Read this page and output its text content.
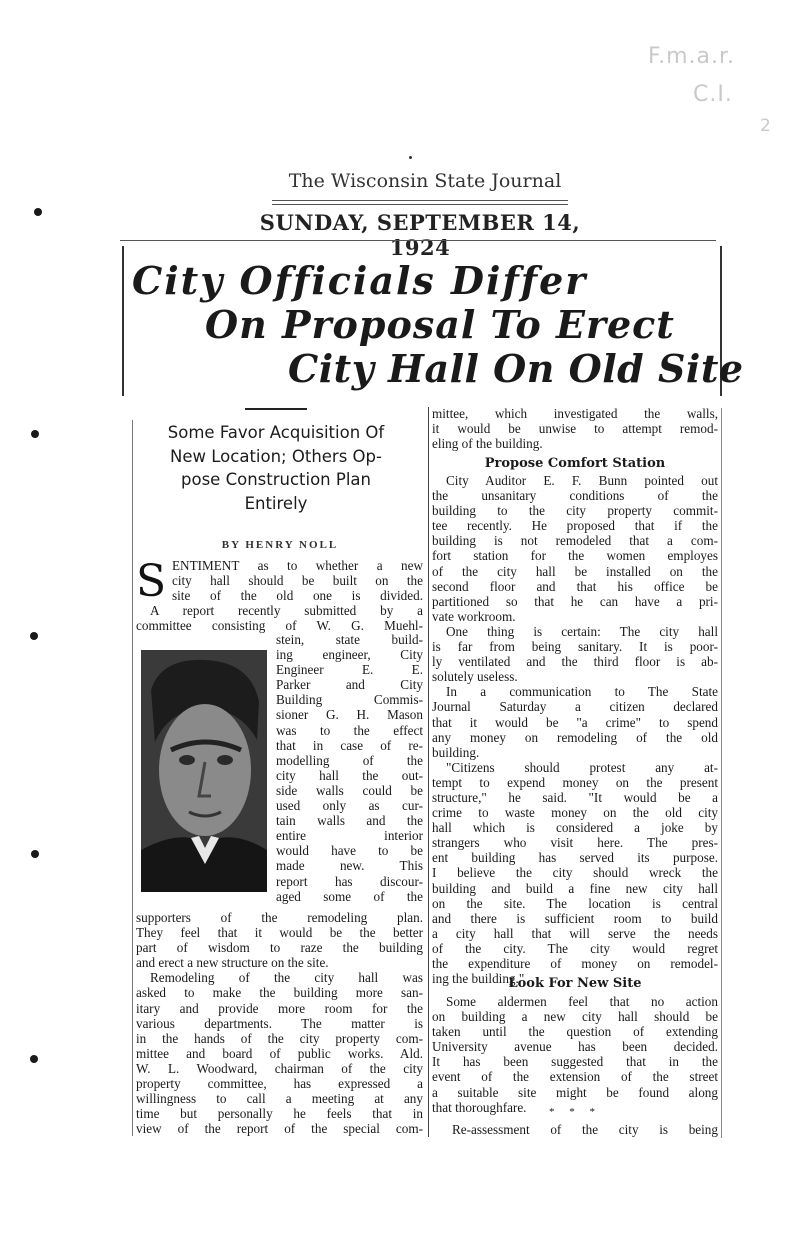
F.m.a.r.
C.I.
2
The Wisconsin State Journal
SUNDAY, SEPTEMBER 14, 1924
City Officials Differ
On Proposal To Erect
City Hall On Old Site
Some Favor Acquisition Of
New Location; Others Op-
pose Construction Plan
Entirely
BY HENRY NOLL
S ENTIMENT as to whether a new
city hall should be built on the
site of the old one is divided.
A report recently submitted by a
committee consisting of W. G. Muehl-
stein, state build-
ing engineer, City
Engineer E. E.
Parker and City
Building Commis-
sioner G. H. Mason
was to the effect
that in case of re-
modelling of the
city hall the out-
side walls could be
used only as cur-
tain walls and the
entire interior
would have to be
made new. This
report has discour-
aged some of the
supporters of the remodeling plan.
They feel that it would be the better
part of wisdom to raze the building
and erect a new structure on the site.
Remodeling of the city hall was
asked to make the building more san-
itary and provide more room for the
various departments. The matter is
in the hands of the city property com-
mittee and board of public works. Ald.
W. L. Woodward, chairman of the city
property committee, has expressed a
willingness to call a meeting at any
time but personally he feels that in
view of the report of the special com-
mittee, which investigated the walls,
it would be unwise to attempt remod-
eling of the building.
Propose Comfort Station
City Auditor E. F. Bunn pointed out
the unsanitary conditions of the
building to the city property commit-
tee recently. He proposed that if the
building is not remodeled that a com-
fort station for the women employes
of the city hall be installed on the
second floor and that his office be
partitioned so that he can have a pri-
vate workroom.
One thing is certain: The city hall
is far from being sanitary. It is poor-
ly ventilated and the third floor is ab-
solutely useless.
In a communication to The State
Journal Saturday a citizen declared
that it would be "a crime" to spend
any money on remodeling of the old
building.
"Citizens should protest any at-
tempt to expend money on the present
structure," he said. "It would be a
crime to waste money on the old city
hall which is considered a joke by
strangers who visit here. The pres-
ent building has served its purpose.
I believe the city should wreck the
building and build a fine new city hall
on the site. The location is central
and there is sufficient room to build
a city hall that will serve the needs
of the city. The city would regret
the expenditure of money on remodel-
ing the building."
Look For New Site
Some aldermen feel that no action
on building a new city hall should be
taken until the question of extending
University avenue has been decided.
It has been suggested that in the
event of the extension of the street
a suitable site might be found along
that thoroughfare.	* * *
Re-assessment of the city is being
